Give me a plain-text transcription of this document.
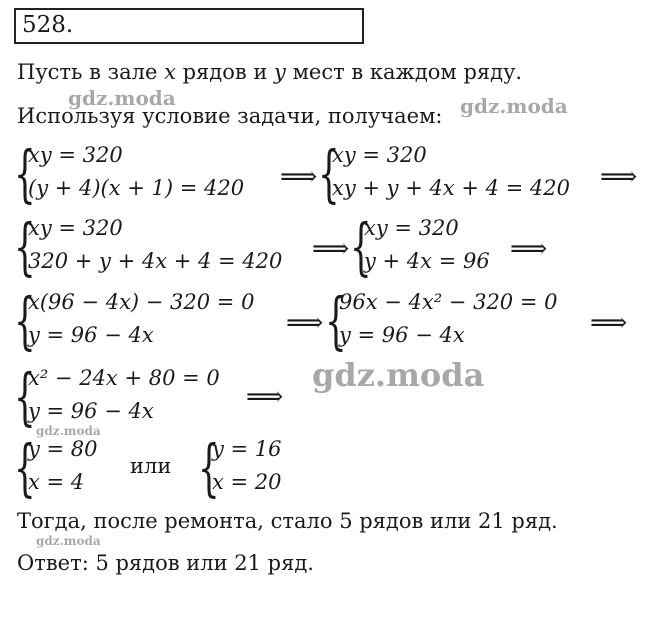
528.
Пусть в зале x рядов и y мест в каждом ряду.
Используя условие задачи, получаем:
{
xy = 320
(y + 4)(x + 1) = 420 ⟹ {
xy = 320
xy + y + 4x + 4 = 420 ⟹
{
xy = 320
320 + y + 4x + 4 = 420 ⟹ {
xy = 320
y + 4x = 96 ⟹
{
x(96 − 4x) − 320 = 0
y = 96 − 4x	⟹ {
96x − 4x² − 320 = 0
y = 96 − 4x	⟹
{
x² − 24x + 80 = 0
y = 96 − 4x	⟹
{
y = 80
x = 4
или {
y = 16
x = 20
Тогда, после ремонта, стало 5 рядов или 21 ряд.
Ответ: 5 рядов или 21 ряд.
gdz.moda	gdz.moda
gdz.moda
gdz.moda
gdz.moda
